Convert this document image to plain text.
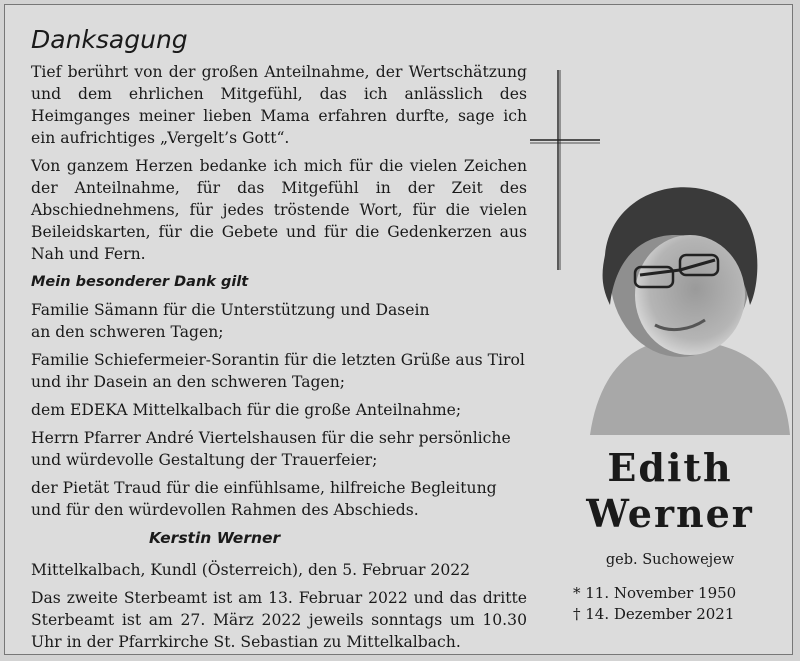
Danksagung

Tief berührt von der großen Anteilnahme, der Wertschätzung und dem ehrlichen Mitgefühl, das ich anlässlich des Heimganges meiner lieben Mama erfahren durfte, sage ich ein aufrichtiges „Vergelt’s Gott“.

Von ganzem Herzen bedanke ich mich für die vielen Zeichen der Anteilnahme, für das Mitgefühl in der Zeit des Abschiednehmens, für jedes tröstende Wort, für die vielen Beileidskarten, für die Gebete und für die Gedenkerzen aus Nah und Fern.

Mein besonderer Dank gilt

Familie Sämann für die Unterstützung und Dasein an den schweren Tagen;

Familie Schiefermeier-Sorantin für die letzten Grüße aus Tirol und ihr Dasein an den schweren Tagen;

dem EDEKA Mittelkalbach für die große Anteilnahme;

Herrn Pfarrer André Viertelshausen für die sehr persönliche und würdevolle Gestaltung der Trauerfeier;

der Pietät Traud für die einfühlsame, hilfreiche Begleitung und für den würdevollen Rahmen des Abschieds.

Kerstin Werner

Mittelkalbach, Kundl (Österreich), den 5. Februar 2022

Das zweite Sterbeamt ist am 13. Februar 2022 und das dritte Sterbeamt ist am 27. März 2022 jeweils sonntags um 10.30 Uhr in der Pfarrkirche St. Sebastian zu Mittelkalbach.

Edith
Werner
geb. Suchowejew
* 11. November 1950
† 14. Dezember 2021
